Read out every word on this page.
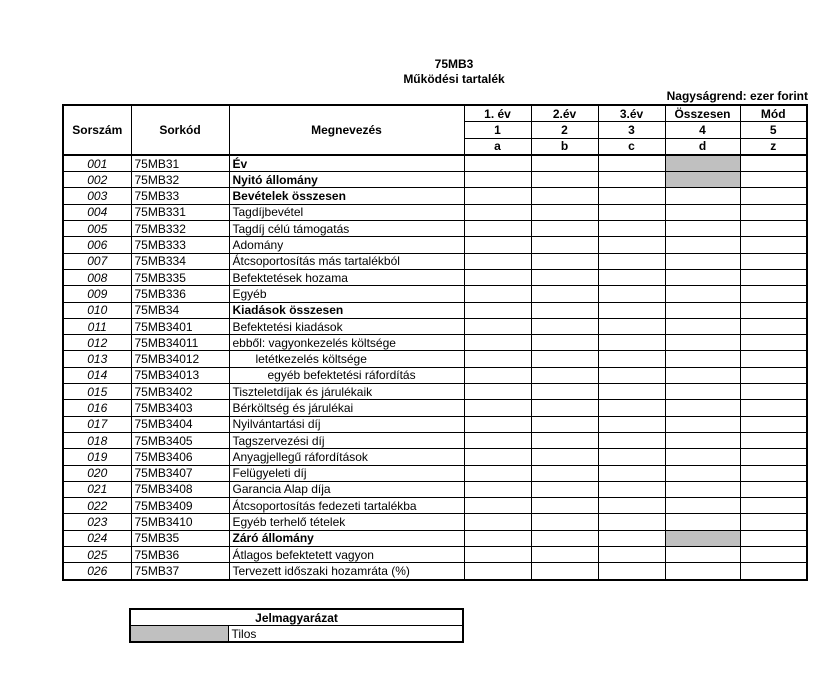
75MB3
Működési tartalék
Nagyságrend: ezer forint
Sorszám	Sorkód	Megnevezés	1. év	2.év	3.év	Összesen	Mód
			1	2	3	4	5
			a	b	c	d	z
001	75MB31	Év					
002	75MB32	Nyitó állomány					
003	75MB33	Bevételek összesen					
004	75MB331	Tagdíjbevétel					
005	75MB332	Tagdíj célú támogatás					
006	75MB333	Adomány					
007	75MB334	Átcsoportosítás más tartalékból					
008	75MB335	Befektetések hozama					
009	75MB336	Egyéb					
010	75MB34	Kiadások összesen					
011	75MB3401	Befektetési kiadások					
012	75MB34011	ebből: vagyonkezelés költsége					
013	75MB34012	letétkezelés költsége					
014	75MB34013	egyéb befektetési ráfordítás					
015	75MB3402	Tiszteletdíjak és járulékaik					
016	75MB3403	Bérköltség és járulékai					
017	75MB3404	Nyilvántartási díj					
018	75MB3405	Tagszervezési díj					
019	75MB3406	Anyagjellegű ráfordítások					
020	75MB3407	Felügyeleti díj					
021	75MB3408	Garancia Alap díja					
022	75MB3409	Átcsoportosítás fedezeti tartalékba					
023	75MB3410	Egyéb terhelő tételek					
024	75MB35	Záró állomány					
025	75MB36	Átlagos befektetett vagyon					
026	75MB37	Tervezett időszaki hozamráta (%)					
Jelmagyarázat
	Tilos
